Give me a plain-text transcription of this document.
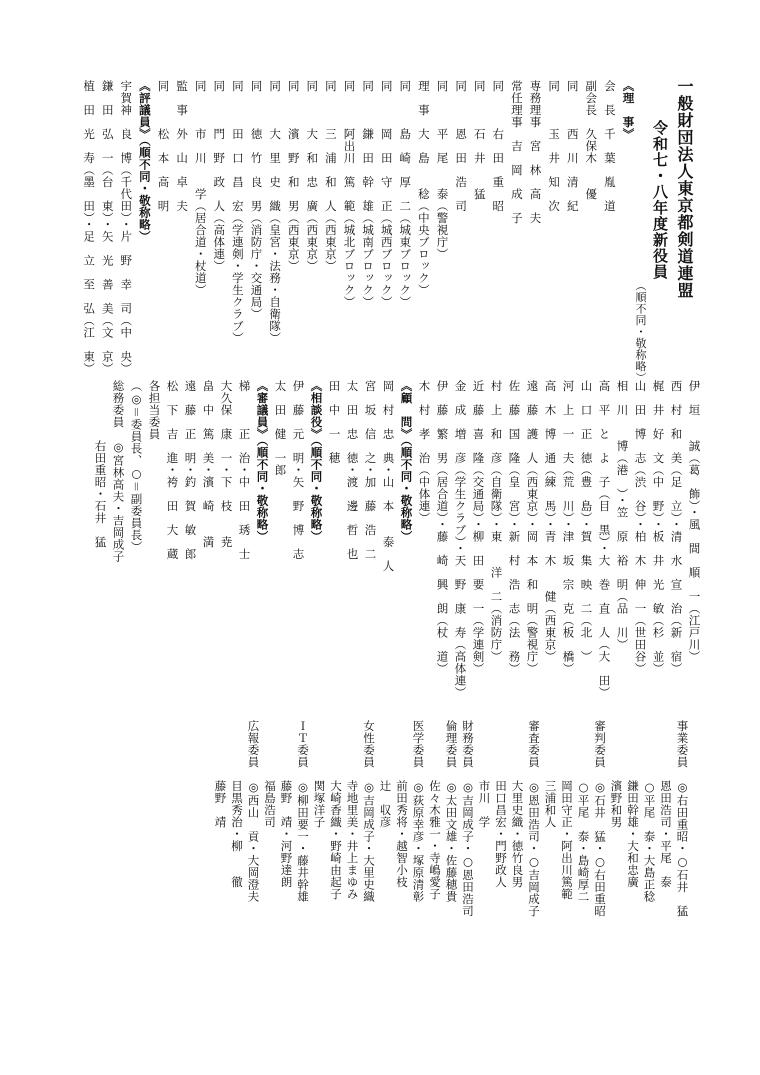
一般財団法人東京都剣道連盟
令和七・八年度新役員
（順不同・敬称略）
《理　事》
会　長　千　葉　胤　道
副会長　久保木　　優
同　　　西　川　清　紀
同　　　玉　井　知　次
専務理事　宮　林　高　夫
常任理事　吉　岡　成　子
同　　　右　田　重　昭
同　　　石　井　　猛
同　　　恩　田　浩　司
同　　　平　尾　　泰（警視庁）
理　事　大　島　　稔（中央ブロック）
同　　　島　崎　厚　二（城東ブロック）
同　　　岡　田　守　正（城西ブロック）
同　　　鎌　田　幹　雄（城南ブロック）
同　　　阿出川　篤　範（城北ブロック）
同　　　三　浦　和　人（西東京）
同　　　大　和　忠　廣（西東京）
同　　　濱　野　和　男（西東京）
同　　　大　里　史　織（皇宮・法務・自衛隊）
同　　　徳　竹　良　男（消防庁・交通局）
同　　　田　口　昌　宏（学連剣・学生クラブ）
同　　　門　野　政　人（高体連）
同　　　市　川　　学（居合道・杖道）
監　事　外　山　卓　夫
同　　　松　本　高　明
《評議員》（順不同・敬称略）
宇賀神　良　博（千代田）・片　野　幸　司（中　央）
鎌　田　弘　一（台　東）・矢　光　善　美（文　京）
植　田　光　寿（墨　田）・足　立　至　弘（江　東）
伊　垣　　誠（葛　飾）・風　間　順　一（江戸川）
西　村　和　美（足　立）・清　水　宣　治（新　宿）
梶　井　好　文（中　野）・板　井　光　敏（杉　並）
山　田　博　志（渋　谷）・柏　木　伸　一（世田谷）
相　川　　博（港　）・笠　原　裕　明（品　川）
高　平　と　よ　子（目　黒）・大　巻　直　人（大　田）
山　口　正　徳（豊　島）・賀　集　映　二（北　）
河　上　一　夫（荒　川）・津　坂　宗　克（板　橋）
高　木　博　通（練　馬）・青　木　　健（西東京）
遠　藤　護　人（西東京）・岡　本　和　明（警視庁）
佐　藤　国　隆（皇　宮）・新　村　浩　志（法　務）
村　上　和　彦（自衛隊）・東　　洋　二（消防庁）
近　藤　喜　隆（交通局）・柳　田　要　一（学連剣）
金　成　増　彦（学生クラブ）・天　野　康　寿（高体連）
伊　藤　繁　男（居合道）・藤　崎　興　朗（杖　道）
木　村　孝　治（中体連）
《顧　問》（順不同・敬称略）
岡　村　忠　典・山　本　　泰　人
宮　坂　信　之・加　藤　浩　二
太　田　忠　徳・渡　邊　哲　也
田　中　一　穂
《相談役》（順不同・敬称略）
伊　藤　元　明・矢　野　博　志
太　田　健　一郎
《審議員》（順不同・敬称略）
梯　　　正　治・中　田　琇　士
大久保　康　一・下　枝　　尭
畠　中　篤　美・濱　崎　　満
遠　藤　正　明・釣　賀　敏　郎
松　下　吉　進・袴　田　大　蔵
各担当委員
（◎＝委員長、○＝副委員長）
総務委員　◎宮林高夫・吉岡成子
　　　　　右田重昭・石井　猛
事業委員　◎右田重昭・○石井　猛
　　　　　恩田浩司・平尾　泰
　　　　　○平尾　泰・大島正稔
　　　　　鎌田幹雄・大和忠廣
　　　　　濱野和男
審判委員　◎石井　猛・○右田重昭
　　　　　○平尾　泰・島崎厚二
　　　　　岡田守正・阿出川篤範
　　　　　三浦和人
審査委員　◎恩田浩司・○吉岡成子
　　　　　大里史織・徳竹良男
　　　　　田口昌宏・門野政人
　　　　　市川　学
財務委員　◎吉岡成子・○恩田浩司
倫理委員　◎太田文雄・佐藤穂貴
　　　　　佐々木雅一・寺嶋愛子
医学委員　◎荻原幸彦・塚原清彰
　　　　　前田秀将・越智小枝
　　　　　辻　収彦
女性委員　◎吉岡成子・大里史織
　　　　　寺地里美・井上まゆみ
　　　　　大崎香織・野崎由起子
　　　　　関塚洋子
ＩＴ委員　◎柳田要一・藤井幹雄
　　　　　藤野　靖・河野達朗
　　　　　福島浩司
広報委員　◎西山　貢・大岡澄夫
　　　　　目黒秀治・柳　　徹
　　　　　藤野　靖
